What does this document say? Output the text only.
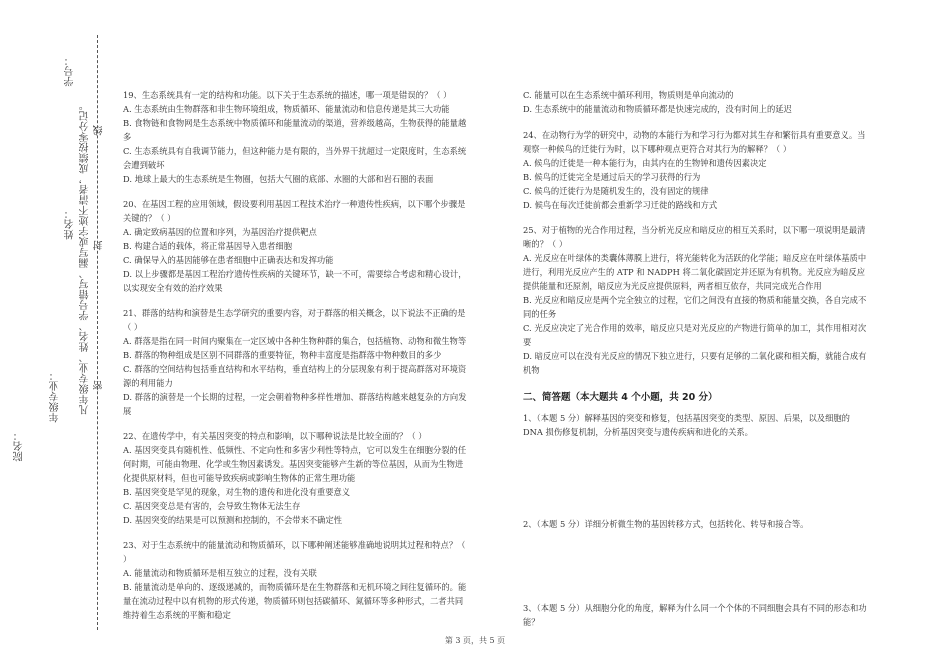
学号：
姓名：
年级专业：
院名：
凡年级专业、姓名、学号错写、漏写或字迹不清者，成绩按零分记。 线
封
密

19、生态系统具有一定的结构和功能。以下关于生态系统的描述，哪一项是错误的？（ ）

A. 生态系统由生物群落和非生物环境组成，物质循环、能量流动和信息传递是其三大功能

B. 食物链和食物网是生态系统中物质循环和能量流动的渠道，营养级越高，生物获得的能量越多

C. 生态系统具有自我调节能力，但这种能力是有限的，当外界干扰超过一定限度时，生态系统会遭到破坏

D. 地球上最大的生态系统是生物圈，包括大气圈的底部、水圈的大部和岩石圈的表面

20、在基因工程的应用领域，假设要利用基因工程技术治疗一种遗传性疾病，以下哪个步骤是关键的？（ ）

A. 确定致病基因的位置和序列，为基因治疗提供靶点

B. 构建合适的载体，将正常基因导入患者细胞

C. 确保导入的基因能够在患者细胞中正确表达和发挥功能

D. 以上步骤都是基因工程治疗遗传性疾病的关键环节，缺一不可，需要综合考虑和精心设计，以实现安全有效的治疗效果

21、群落的结构和演替是生态学研究的重要内容，对于群落的相关概念，以下说法不正确的是（ ）

A. 群落是指在同一时间内聚集在一定区域中各种生物种群的集合，包括植物、动物和微生物等

B. 群落的物种组成是区别不同群落的重要特征，物种丰富度是指群落中物种数目的多少

C. 群落的空间结构包括垂直结构和水平结构，垂直结构上的分层现象有利于提高群落对环境资源的利用能力

D. 群落的演替是一个长期的过程，一定会朝着物种多样性增加、群落结构越来越复杂的方向发展

22、在遗传学中，有关基因突变的特点和影响，以下哪种说法是比较全面的？（ ）

A. 基因突变具有随机性、低频性、不定向性和多害少利性等特点，它可以发生在细胞分裂的任何时期，可能由物理、化学或生物因素诱发。基因突变能够产生新的等位基因，从而为生物进化提供原材料，但也可能导致疾病或影响生物体的正常生理功能

B. 基因突变是罕见的现象，对生物的遗传和进化没有重要意义

C. 基因突变总是有害的，会导致生物体无法生存

D. 基因突变的结果是可以预测和控制的，不会带来不确定性

23、对于生态系统中的能量流动和物质循环，以下哪种阐述能够准确地说明其过程和特点？（ ）

A. 能量流动和物质循环是相互独立的过程，没有关联

B. 能量流动是单向的、逐级递减的，而物质循环是在生物群落和无机环境之间往复循环的。能量在流动过程中以有机物的形式传递，物质循环则包括碳循环、氮循环等多种形式，二者共同维持着生态系统的平衡和稳定

C. 能量可以在生态系统中循环利用，物质则是单向流动的

D. 生态系统中的能量流动和物质循环都是快速完成的，没有时间上的延迟

24、在动物行为学的研究中，动物的本能行为和学习行为都对其生存和繁衍具有重要意义。当观察一种候鸟的迁徙行为时，以下哪种观点更符合对其行为的解释？（ ）

A. 候鸟的迁徙是一种本能行为，由其内在的生物钟和遗传因素决定

B. 候鸟的迁徙完全是通过后天的学习获得的行为

C. 候鸟的迁徙行为是随机发生的，没有固定的规律

D. 候鸟在每次迁徙前都会重新学习迁徙的路线和方式

25、对于植物的光合作用过程，当分析光反应和暗反应的相互关系时，以下哪一项说明是最清晰的？（ ）

A. 光反应在叶绿体的类囊体薄膜上进行，将光能转化为活跃的化学能；暗反应在叶绿体基质中进行，利用光反应产生的 ATP 和 NADPH 将二氧化碳固定并还原为有机物。光反应为暗反应提供能量和还原剂，暗反应为光反应提供原料，两者相互依存，共同完成光合作用

B. 光反应和暗反应是两个完全独立的过程，它们之间没有直接的物质和能量交换，各自完成不同的任务

C. 光反应决定了光合作用的效率，暗反应只是对光反应的产物进行简单的加工，其作用相对次要

D. 暗反应可以在没有光反应的情况下独立进行，只要有足够的二氧化碳和相关酶，就能合成有机物

二、简答题（本大题共 4 个小题，共 20 分）

1、（本题 5 分）解释基因的突变和修复，包括基因突变的类型、原因、后果，以及细胞的 DNA 损伤修复机制，分析基因突变与遗传疾病和进化的关系。

2、（本题 5 分）详细分析微生物的基因转移方式，包括转化、转导和接合等。

3、（本题 5 分）从细胞分化的角度，解释为什么同一个个体的不同细胞会具有不同的形态和功能？

第 3 页，共 5 页
